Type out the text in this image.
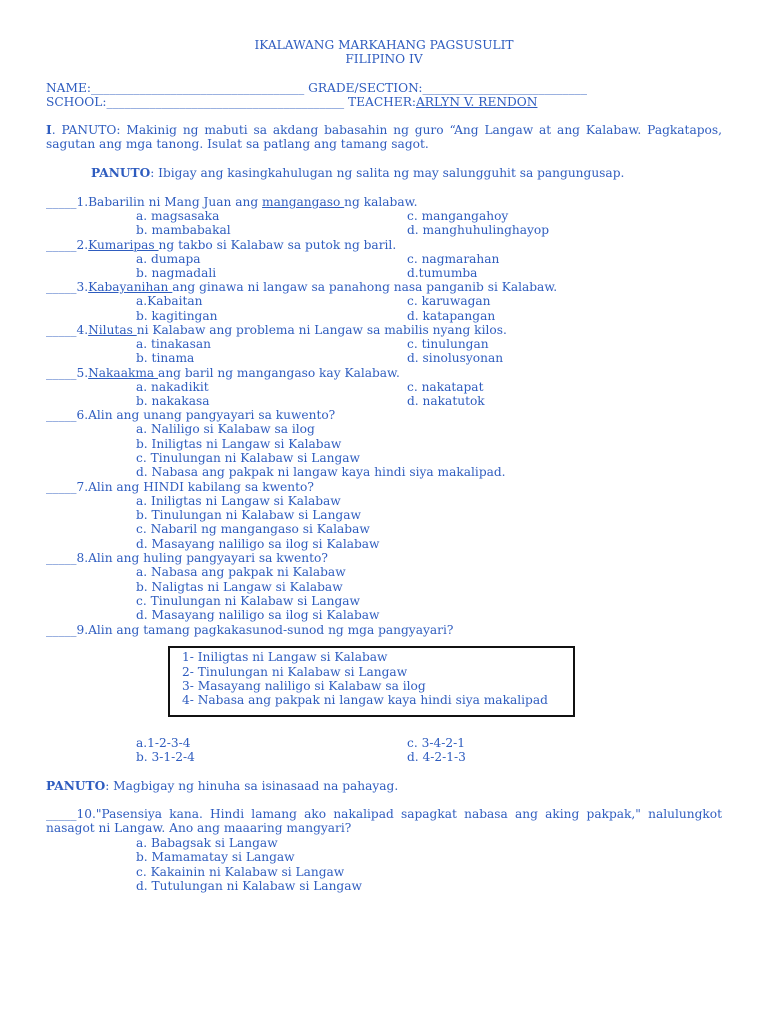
IKALAWANG MARKAHANG PAGSUSULIT
FILIPINO IV
NAME:___________________________________ GRADE/SECTION:___________________________
SCHOOL:_______________________________________ TEACHER:ARLYN V. RENDON
I. PANUTO: Makinig ng mabuti sa akdang babasahin ng guro “Ang Langaw at ang Kalabaw. Pagkatapos, sagutan ang mga tanong. Isulat sa patlang ang tamang sagot.
PANUTO: Ibigay ang kasingkahulugan ng salita ng may salungguhit sa pangungusap.
_____1.Babarilin ni Mang Juan ang mangangaso ng kalabaw.
a. magsasaka	c. mangangahoy
b. mambabakal	d. manghuhulinghayop
_____2.Kumaripas ng takbo si Kalabaw sa putok ng baril.
a. dumapa	c. nagmarahan
b. nagmadali	d.tumumba
_____3.Kabayanihan ang ginawa ni langaw sa panahong nasa panganib si Kalabaw.
a.Kabaitan	c. karuwagan
b. kagitingan	d. katapangan
_____4.Nilutas ni Kalabaw ang problema ni Langaw sa mabilis nyang kilos.
a. tinakasan	c. tinulungan
b. tinama	d. sinolusyonan
_____5.Nakaakma ang baril ng mangangaso kay Kalabaw.
a. nakadikit	c. nakatapat
b. nakakasa	d. nakatutok
_____6.Alin ang unang pangyayari sa kuwento?
a. Naliligo si Kalabaw sa ilog
b. Iniligtas ni Langaw si Kalabaw
c. Tinulungan ni Kalabaw si Langaw
d. Nabasa ang pakpak ni langaw kaya hindi siya makalipad.
_____7.Alin ang HINDI kabilang sa kwento?
a. Iniligtas ni Langaw si Kalabaw
b. Tinulungan ni Kalabaw si Langaw
c. Nabaril ng mangangaso si Kalabaw
d. Masayang naliligo sa ilog si Kalabaw
_____8.Alin ang huling pangyayari sa kwento?
a. Nabasa ang pakpak ni Kalabaw
b. Naligtas ni Langaw si Kalabaw
c. Tinulungan ni Kalabaw si Langaw
d. Masayang naliligo sa ilog si Kalabaw
_____9.Alin ang tamang pagkakasunod-sunod ng mga pangyayari?
1- Iniligtas ni Langaw si Kalabaw
2- Tinulungan ni Kalabaw si Langaw
3- Masayang naliligo si Kalabaw sa ilog
4- Nabasa ang pakpak ni langaw kaya hindi siya makalipad
a.1-2-3-4	c. 3-4-2-1
b. 3-1-2-4	d. 4-2-1-3
PANUTO: Magbigay ng hinuha sa isinasaad na pahayag.
_____10."Pasensiya kana. Hindi lamang ako nakalipad sapagkat nabasa ang aking pakpak," nalulungkot nasagot ni Langaw. Ano ang maaaring mangyari?
a. Babagsak si Langaw
b. Mamamatay si Langaw
c. Kakainin ni Kalabaw si Langaw
d. Tutulungan ni Kalabaw si Langaw
